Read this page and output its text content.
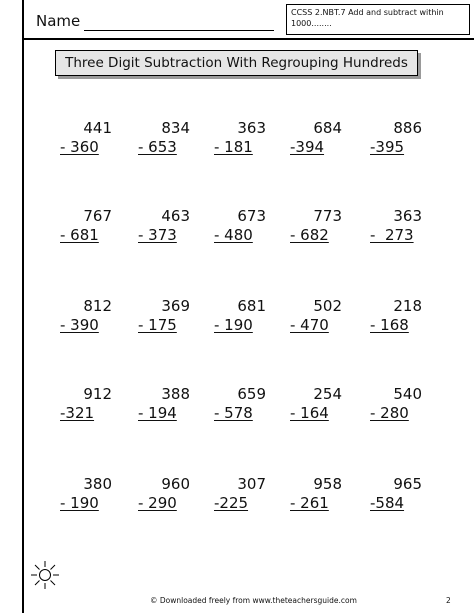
Name	CCSS 2.NBT.7 Add and subtract within
1000........
Three Digit Subtraction With Regrouping Hundreds
441
- 360
834
- 653
363
- 181
684
-394
886
-395
767
- 681
463
- 373
673
- 480
773
- 682
363
-  273
812
- 390
369
- 175
681
- 190
502
- 470
218
- 168
912
-321
388
- 194
659
- 578
254
- 164
540
- 280
380
- 190
960
- 290
307
-225
958
- 261
965
-584
© Downloaded freely from www.theteachersguide.com	2
